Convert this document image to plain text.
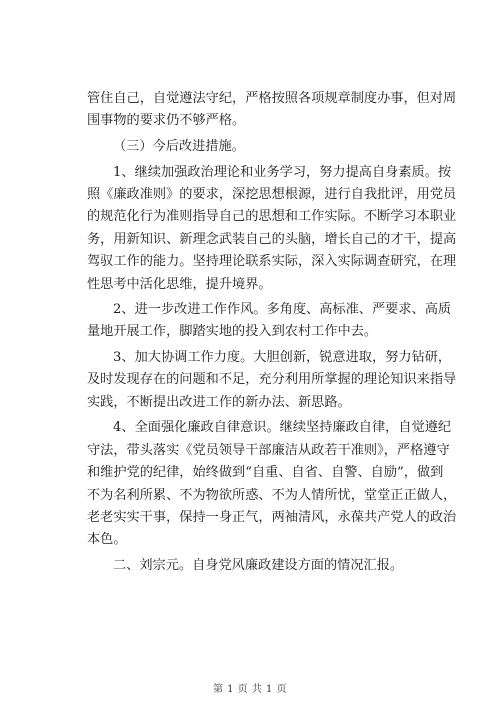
管住自己，自觉遵法守纪，严格按照各项规章制度办事，但对周
围事物的要求仍不够严格。
（三）今后改进措施。
1、继续加强政治理论和业务学习，努力提高自身素质。按
照《廉政准则》的要求，深挖思想根源，进行自我批评，用党员
的规范化行为准则指导自己的思想和工作实际。不断学习本职业
务，用新知识、新理念武装自己的头脑，增长自己的才干，提高
驾驭工作的能力。坚持理论联系实际，深入实际调查研究，在理
性思考中活化思维，提升境界。
2、进一步改进工作作风。多角度、高标准、严要求、高质
量地开展工作，脚踏实地的投入到农村工作中去。
3、加大协调工作力度。大胆创新，锐意进取，努力钻研，
及时发现存在的问题和不足，充分利用所掌握的理论知识来指导
实践，不断提出改进工作的新办法、新思路。
4、全面强化廉政自律意识。继续坚持廉政自律，自觉遵纪
守法，带头落实《党员领导干部廉洁从政若干准则》，严格遵守
和维护党的纪律，始终做到“自重、自省、自警、自励”，做到
不为名利所累、不为物欲所惑、不为人情所忧，堂堂正正做人，
老老实实干事，保持一身正气，两袖清风，永葆共产党人的政治
本色。
二、刘宗元。自身党风廉政建设方面的情况汇报。
第 1 页 共 1 页
